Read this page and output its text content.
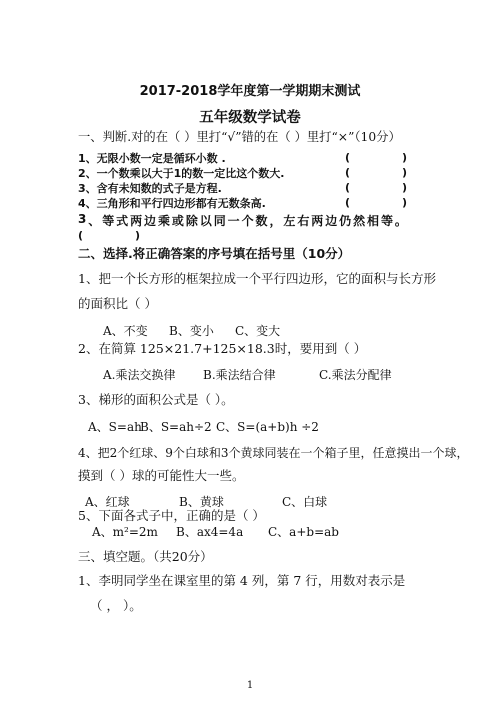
2017-2018学年度第一学期期末测试
五年级数学试卷
一、判断.对的在（ ）里打“√”错的在（ ）里打“×”（10分）
1、无限小数一定是循环小数 .	(	)
2、一个数乘以大于1的数一定比这个数大.	(	)
3、含有未知数的式子是方程.	(	)
4、三角形和平行四边形都有无数条高.	(	)
3 、 等 式 两 边 乘 或 除 以 同 一 个 数 ， 左 右 两 边 仍 然 相 等 。
(	)
二、选择.将正确答案的序号填在括号里（10分）
1、把一个长方形的框架拉成一个平行四边形，它的面积与长方形
的面积比（ ）
A、不变	B、变小	C、变大
2、在简算 125×21.7+125×18.3时，要用到（ ）
A.乘法交换律	B.乘法结合律	C.乘法分配律
3、梯形的面积公式是（ ）。
A、S=ah
B、S=ah÷2 C、S=(a+b)h ÷2
4、把2个红球、9个白球和3个黄球同装在一个箱子里，任意摸出一个球，
摸到（ ）球的可能性大一些。
A、红球	B、黄球	C、白球
5、下面各式子中，正确的是（ ）
A、m²=2m	B、ax4=4a	C、a+b=ab
三、填空题。（共20分）
1、李明同学坐在课室里的第 4 列，第 7 行，用数对表示是
（ ， ）。
1
